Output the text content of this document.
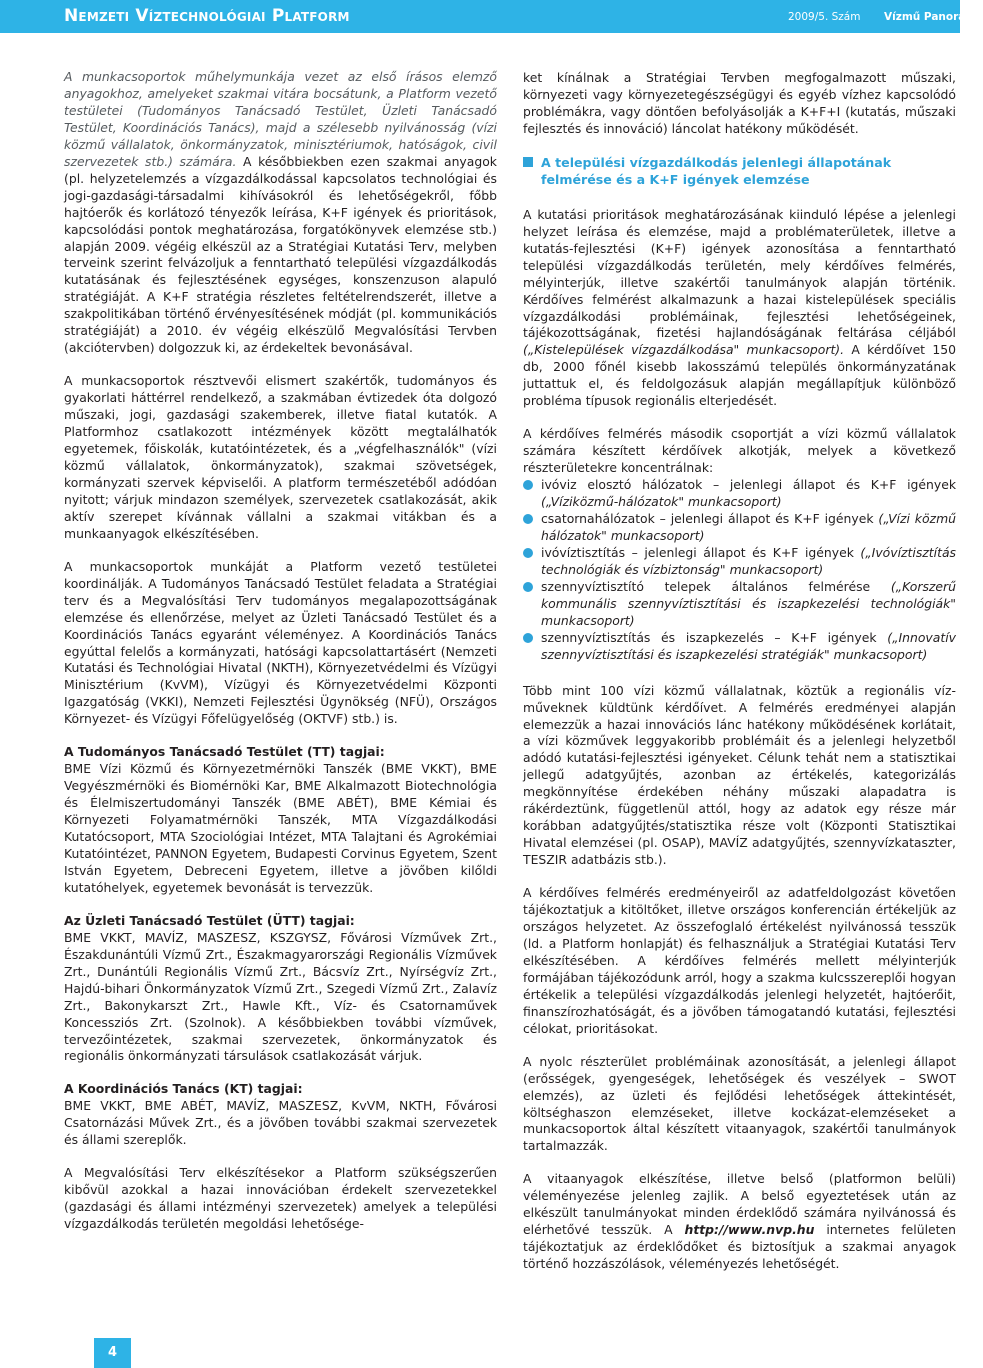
Nemzeti Víztechnológiai Platform	2009/5. Szám Vízmű Panoráma

A munkacsoportok műhelymunkája vezet az első írásos elemző anyagokhoz, amelyeket szakmai vitára bocsátunk, a Platform vezető testületei (Tudományos Tanácsadó Testület, Üzleti Tanácsadó Testület, Koordinációs Tanács), majd a szélesebb nyilvánosság (vízi közmű vállalatok, önkormányzatok, minisztériumok, hatóságok, civil szervezetek stb.) számára. A későbbiekben ezen szakmai anyagok (pl. helyzetelemzés a vízgazdálkodással kapcsolatos technológiai és jogi-gazdasági-társadalmi kihívásokról és lehetőségekről, főbb hajtóerők és korlátozó tényezők leírása, K+F igények és prioritások, kapcsolódási pontok meghatározása, forgatókönyvek elemzése stb.) alapján 2009. végéig elkészül az a Stratégiai Kutatási Terv, melyben terveink szerint felvázoljuk a fenntartható települési vízgazdálkodás kutatásának és fejlesztésének egységes, konszenzuson alapuló stratégiáját. A K+F stratégia részletes feltételrendszerét, illetve a szakpolitikában történő érvényesítésének módját (pl. kommunikációs stratégiáját) a 2010. év végéig elkészülő Megvalósítási Tervben (akciótervben) dolgozzuk ki, az érdekeltek bevonásával.

A munkacsoportok résztvevői elismert szakértők, tudományos és gyakorlati háttérrel rendelkező, a szakmában évtizedek óta dolgozó műszaki, jogi, gazdasági szakemberek, illetve fiatal kutatók. A Platformhoz csatlakozott intézmények között megtalálhatók egyetemek, főiskolák, kutatóintézetek, és a „végfelhasználók" (vízi közmű vállalatok, önkormányzatok), szakmai szövetségek, kormányzati szervek képviselői. A platform természetéből adódóan nyitott; várjuk mindazon személyek, szervezetek csatlakozását, akik aktív szerepet kívánnak vállalni a szakmai vitákban és a munkaanyagok elkészítésében.

A munkacsoportok munkáját a Platform vezető testületei koordinálják. A Tudományos Tanácsadó Testület feladata a Stratégiai terv és a Megvalósítási Terv tudományos megalapozottságának elemzése és ellenőrzése, melyet az Üzleti Tanácsadó Testület és a Koordinációs Tanács egyaránt véleményez. A Koordinációs Tanács egyúttal felelős a kormányzati, hatósági kapcsolattartásért (Nemzeti Kutatási és Technológiai Hivatal (NKTH), Környezetvédelmi és Vízügyi Minisztérium (KvVM), Vízügyi és Környezetvédelmi Központi Igazgatóság (VKKI), Nemzeti Fejlesztési Ügynökség (NFÜ), Országos Környezet- és Vízügyi Főfelügyelőség (OKTVF) stb.) is.

A Tudományos Tanácsadó Testület (TT) tagjai:
BME Vízi Közmű és Környezetmérnöki Tanszék (BME VKKT), BME Vegyészmérnöki és Biomérnöki Kar, BME Alkalmazott Biotechnológia és Élelmiszertudományi Tanszék (BME ABÉT), BME Kémiai és Környezeti Folyamatmérnöki Tanszék, MTA Vízgazdálkodási Kutatócsoport, MTA Szociológiai Intézet, MTA Talajtani és Agrokémiai Kutatóintézet, PANNON Egyetem, Budapesti Corvinus Egyetem, Szent István Egyetem, Debreceni Egyetem, illetve a jövőben kilőldi kutatóhelyek, egyetemek bevonását is tervezzük.

Az Üzleti Tanácsadó Testület (ÜTT) tagjai:
BME VKKT, MAVÍZ, MASZESZ, KSZGYSZ, Fővárosi Vízművek Zrt., Északdunántúli Vízmű Zrt., Északmagyarországi Regionális Vízművek Zrt., Dunántúli Regionális Vízmű Zrt., Bácsvíz Zrt., Nyírségvíz Zrt., Hajdú-bihari Önkormányzatok Vízmű Zrt., Szegedi Vízmű Zrt., Zalavíz Zrt., Bakonykarszt Zrt., Hawle Kft., Víz- és Csatornaművek Koncessziós Zrt. (Szolnok). A későbbiekben további vízművek, tervezőintézetek, szakmai szervezetek, önkormányzatok és regionális önkormányzati társulások csatlakozását várjuk.

A Koordinációs Tanács (KT) tagjai:
BME VKKT, BME ABÉT, MAVÍZ, MASZESZ, KvVM, NKTH, Fővárosi Csatornázási Művek Zrt., és a jövőben további szakmai szervezetek és állami szereplők.

A Megvalósítási Terv elkészítésekor a Platform szükségszerűen kibővül azokkal a hazai innovációban érdekelt szervezetekkel (gazdasági és állami intézményi szervezetek) amelyek a települési vízgazdálkodás területén megoldási lehetősége-

ket kínálnak a Stratégiai Tervben megfogalmazott műszaki, környezeti vagy környezetegészségügyi és egyéb vízhez kapcsolódó problémákra, vagy döntően befolyásolják a K+F+I (kutatás, műszaki fejlesztés és innováció) láncolat hatékony működését.

A települési vízgazdálkodás jelenlegi állapotának felmérése és a K+F igények elemzése

A kutatási prioritások meghatározásának kiinduló lépése a jelenlegi helyzet leírása és elemzése, majd a problématerületek, illetve a kutatás-fejlesztési (K+F) igények azonosítása a fenntartható települési vízgazdálkodás területén, mely kérdőíves felmérés, mélyinterjúk, illetve szakértői tanulmányok alapján történik. Kérdőíves felmérést alkalmazunk a hazai kistelepülések speciális vízgazdálkodási problémáinak, fejlesztési lehetőségeinek, tájékozottságának, fizetési hajlandóságának feltárása céljából („Kistelepülések vízgazdálkodása" munkacsoport). A kérdőívet 150 db, 2000 főnél kisebb lakosszámú település önkormányzatának juttattuk el, és feldolgozásuk alapján megállapítjuk különböző probléma típusok regionális elterjedését.

A kérdőíves felmérés második csoportját a vízi közmű vállalatok számára készített kérdőívek alkotják, melyek a következő részterületekre koncentrálnak:

ivóviz elosztó hálózatok – jelenlegi állapot és K+F igények („Víziközmű-hálózatok" munkacsoport)
csatornahálózatok – jelenlegi állapot és K+F igények („Vízi közmű hálózatok" munkacsoport)
ivóvíztisztítás – jelenlegi állapot és K+F igények („Ivóvíztisztítás technológiák és vízbiztonság" munkacsoport)
szennyvíztisztító telepek általános felmérése („Korszerű kommunális szennyvíztisztítási és iszapkezelési technológiák" munkacsoport)
szennyvíztisztítás és iszapkezelés – K+F igények („Innovatív szennyvíztisztítási és iszapkezelési stratégiák" munkacsoport)

Több mint 100 vízi közmű vállalatnak, köztük a regionális vízműveknek küldtünk kérdőívet. A felmérés eredményei alapján elemezzük a hazai innovációs lánc hatékony működésének korlátait, a vízi közművek leggyakoribb problémáit és a jelenlegi helyzetből adódó kutatási-fejlesztési igényeket. Célunk tehát nem a statisztikai jellegű adatgyűjtés, azonban az értékelés, kategorizálás megkönnyítése érdekében néhány műszaki alapadatra is rákérdeztünk, függetlenül attól, hogy az adatok egy része már korábban adatgyűjtés/statisztika része volt (Központi Statisztikai Hivatal elemzései (pl. OSAP), MAVÍZ adatgyűjtés, szennyvízkataszter, TESZIR adatbázis stb.).

A kérdőíves felmérés eredményeiről az adatfeldolgozást követően tájékoztatjuk a kitöltőket, illetve országos konferencián értékeljük az országos helyzetet. Az összefoglaló értékelést nyilvánossá tesszük (ld. a Platform honlapját) és felhasználjuk a Stratégiai Kutatási Terv elkészítésében. A kérdőíves felmérés mellett mélyinterjúk formájában tájékozódunk arról, hogy a szakma kulcsszereplői hogyan értékelik a települési vízgazdálkodás jelenlegi helyzetét, hajtóerőit, finanszírozhatóságát, és a jövőben támogatandó kutatási, fejlesztési célokat, prioritásokat.

A nyolc részterület problémáinak azonosítását, a jelenlegi állapot (erősségek, gyengeségek, lehetőségek és veszélyek – SWOT elemzés), az üzleti és fejlődési lehetőségek áttekintését, költséghaszon elemzéseket, illetve kockázat-elemzéseket a munkacsoportok által készített vitaanyagok, szakértői tanulmányok tartalmazzák.

A vitaanyagok elkészítése, illetve belső (platformon belüli) véleményezése jelenleg zajlik. A belső egyeztetések után az elkészült tanulmányokat minden érdeklődő számára nyilvánossá és elérhetővé tesszük. A http://www.nvp.hu internetes felületen tájékoztatjuk az érdeklődőket és biztosítjuk a szakmai anyagok történő hozzászólások, véleményezés lehetőségét.

4
